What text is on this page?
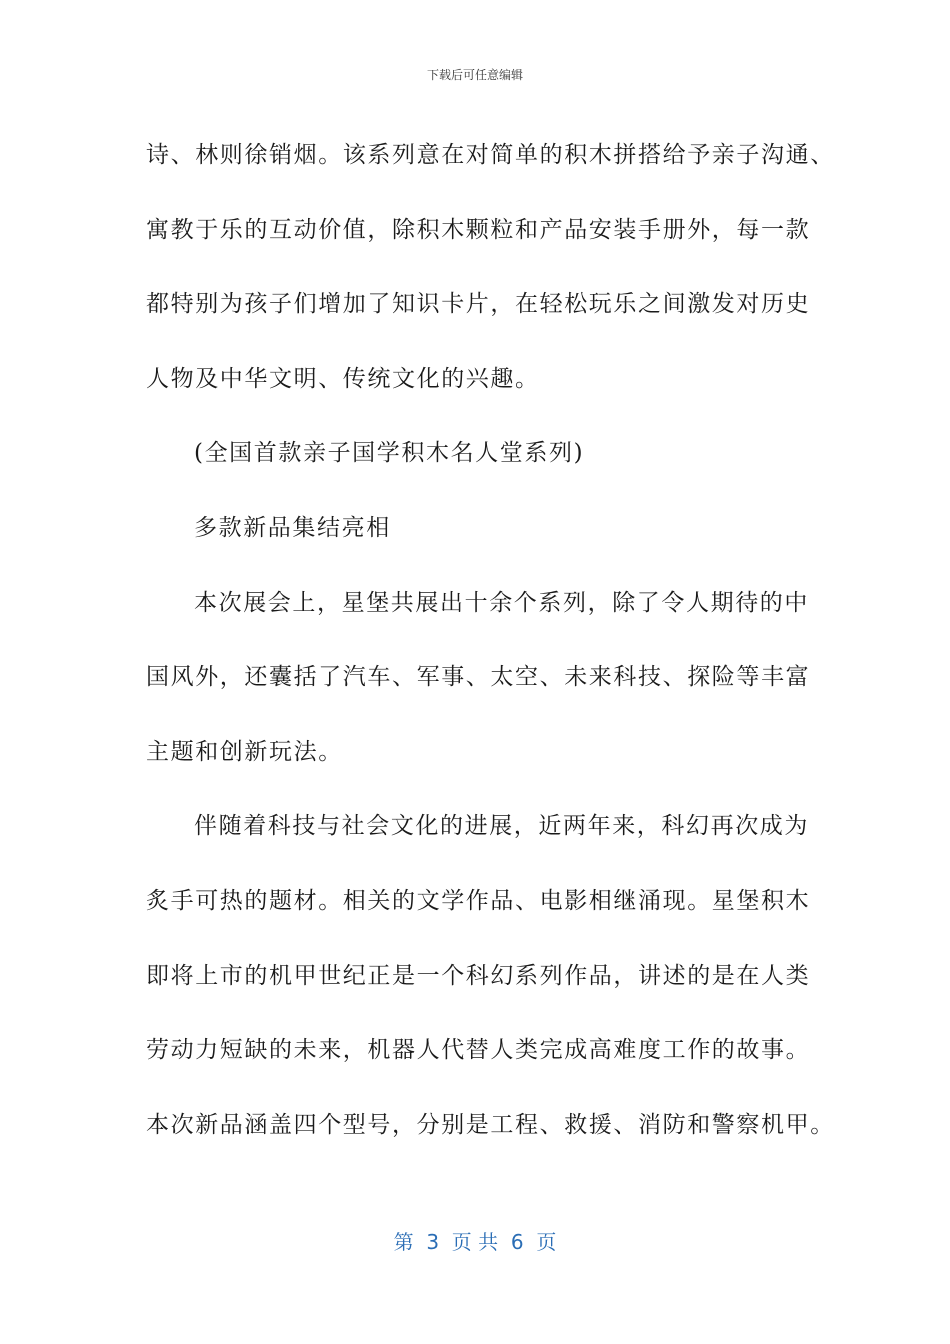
下载后可任意编辑
诗、林则徐销烟。该系列意在对简单的积木拼搭给予亲子沟通、
寓教于乐的互动价值，除积木颗粒和产品安装手册外，每一款
都特别为孩子们增加了知识卡片，在轻松玩乐之间激发对历史
人物及中华文明、传统文化的兴趣。
(全国首款亲子国学积木名人堂系列)
多款新品集结亮相
本次展会上，星堡共展出十余个系列，除了令人期待的中
国风外，还囊括了汽车、军事、太空、未来科技、探险等丰富
主题和创新玩法。
伴随着科技与社会文化的进展，近两年来，科幻再次成为
炙手可热的题材。相关的文学作品、电影相继涌现。星堡积木
即将上市的机甲世纪正是一个科幻系列作品，讲述的是在人类
劳动力短缺的未来，机器人代替人类完成高难度工作的故事。
本次新品涵盖四个型号，分别是工程、救援、消防和警察机甲。
第  3  页 共  6  页
